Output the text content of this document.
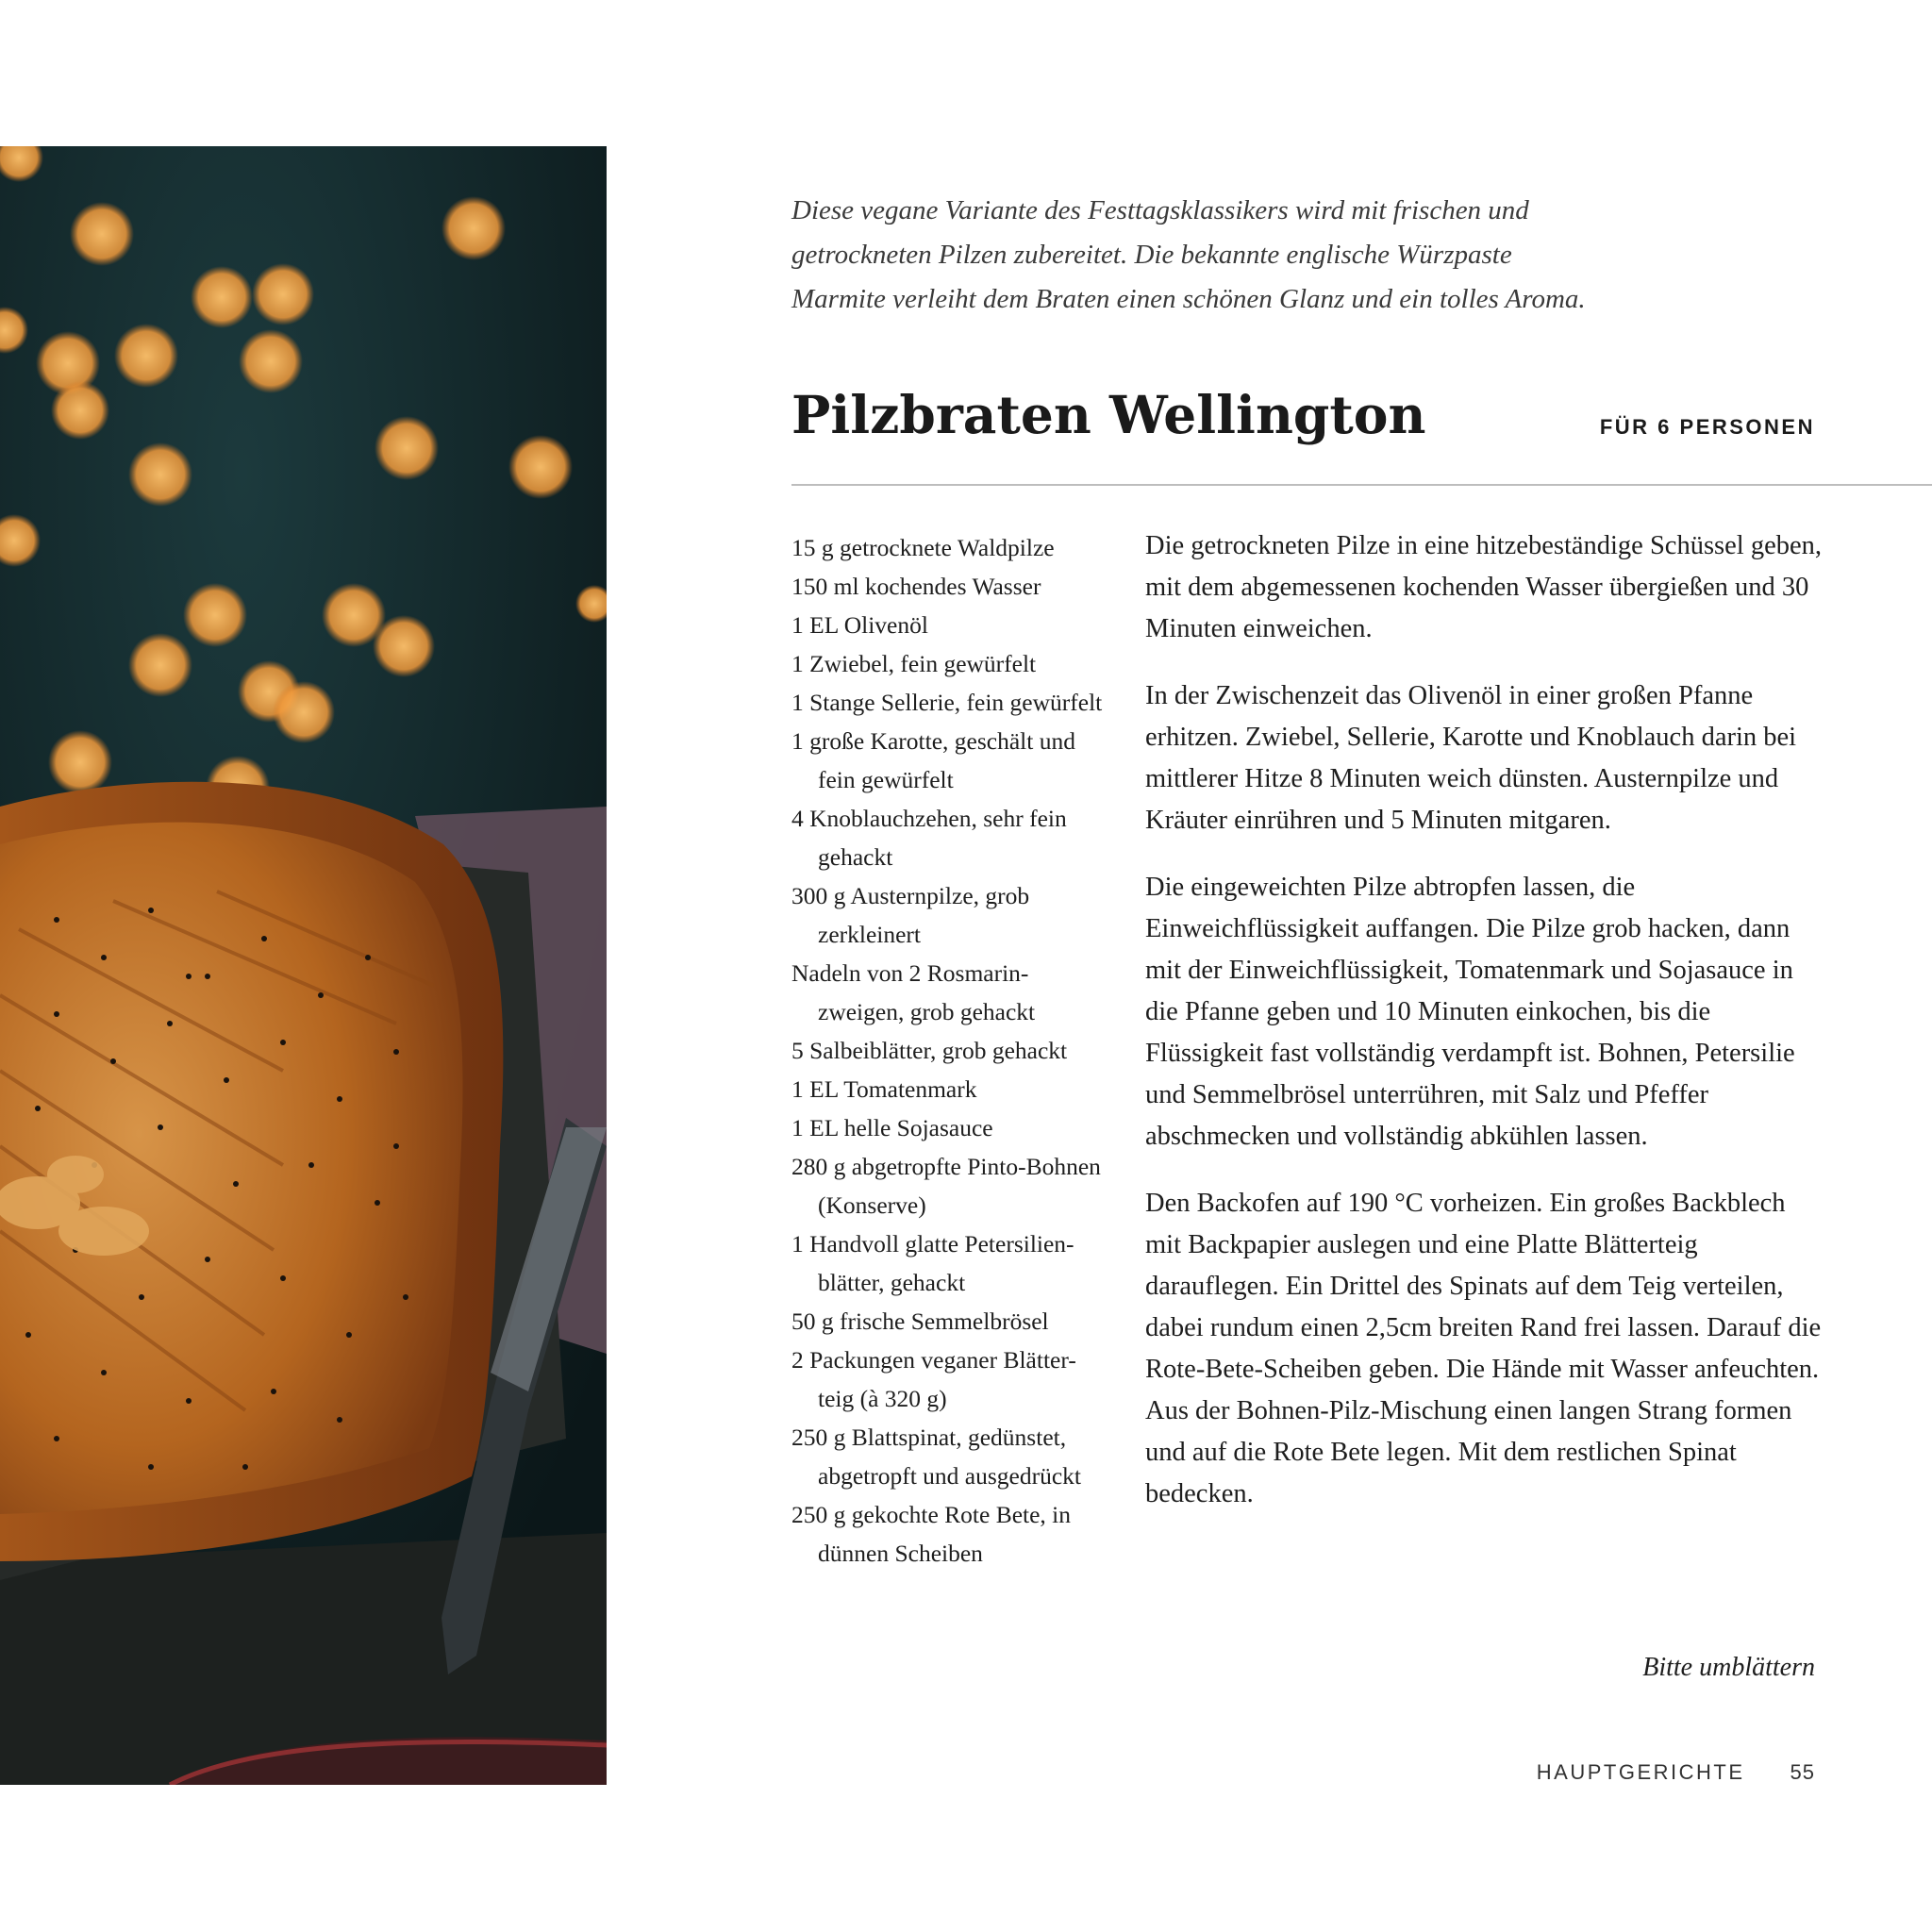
Diese vegane Variante des Festtagsklassikers wird mit frischen und

getrockneten Pilzen zubereitet. Die bekannte englische Würzpaste

Marmite verleiht dem Braten einen schönen Glanz und ein tolles Aroma.

Pilzbraten Wellington	FÜR 6 PERSONEN
15 g getrocknete Waldpilze
150 ml kochendes Wasser
1 EL Olivenöl
1 Zwiebel, fein gewürfelt
1 Stange Sellerie, fein gewürfelt
1 große Karotte, geschält und fein gewürfelt
4 Knoblauchzehen, sehr fein gehackt
300 g Austernpilze, grob zerkleinert
Nadeln von 2 Rosmarin-zweigen, grob gehackt
5 Salbeiblätter, grob gehackt
1 EL Tomatenmark
1 EL helle Sojasauce
280 g abgetropfte Pinto-Bohnen (Konserve)
1 Handvoll glatte Petersilien-blätter, gehackt
50 g frische Semmelbrösel
2 Packungen veganer Blätter-teig (à 320 g)
250 g Blattspinat, gedünstet, abgetropft und ausgedrückt
250 g gekochte Rote Bete, in dünnen Scheiben

Die getrockneten Pilze in eine hitzebeständige Schüssel geben, mit dem abgemessenen kochenden Wasser übergießen und 30 Minuten einweichen.

In der Zwischenzeit das Olivenöl in einer großen Pfanne erhitzen. Zwiebel, Sellerie, Karotte und Knoblauch darin bei mittlerer Hitze 8 Minuten weich dünsten. Austernpilze und Kräuter einrühren und 5 Minuten mitgaren.

Die eingeweichten Pilze abtropfen lassen, die Einweichflüssigkeit auffangen. Die Pilze grob hacken, dann mit der Einweichflüssigkeit, Tomatenmark und Sojasauce in die Pfanne geben und 10 Minuten einkochen, bis die Flüssigkeit fast vollständig verdampft ist. Bohnen, Petersilie und Semmelbrösel unterrühren, mit Salz und Pfeffer abschmecken und vollständig abkühlen lassen.

Den Backofen auf 190 °C vorheizen. Ein großes Backblech mit Backpapier auslegen und eine Platte Blätterteig darauflegen. Ein Drittel des Spinats auf dem Teig verteilen, dabei rundum einen 2,5cm breiten Rand frei lassen. Darauf die Rote-Bete-Scheiben geben. Die Hände mit Wasser anfeuchten. Aus der Bohnen-Pilz-Mischung einen langen Strang formen und auf die Rote Bete legen. Mit dem restlichen Spinat bedecken.

Bitte umblättern
HAUPTGERICHTE 55
